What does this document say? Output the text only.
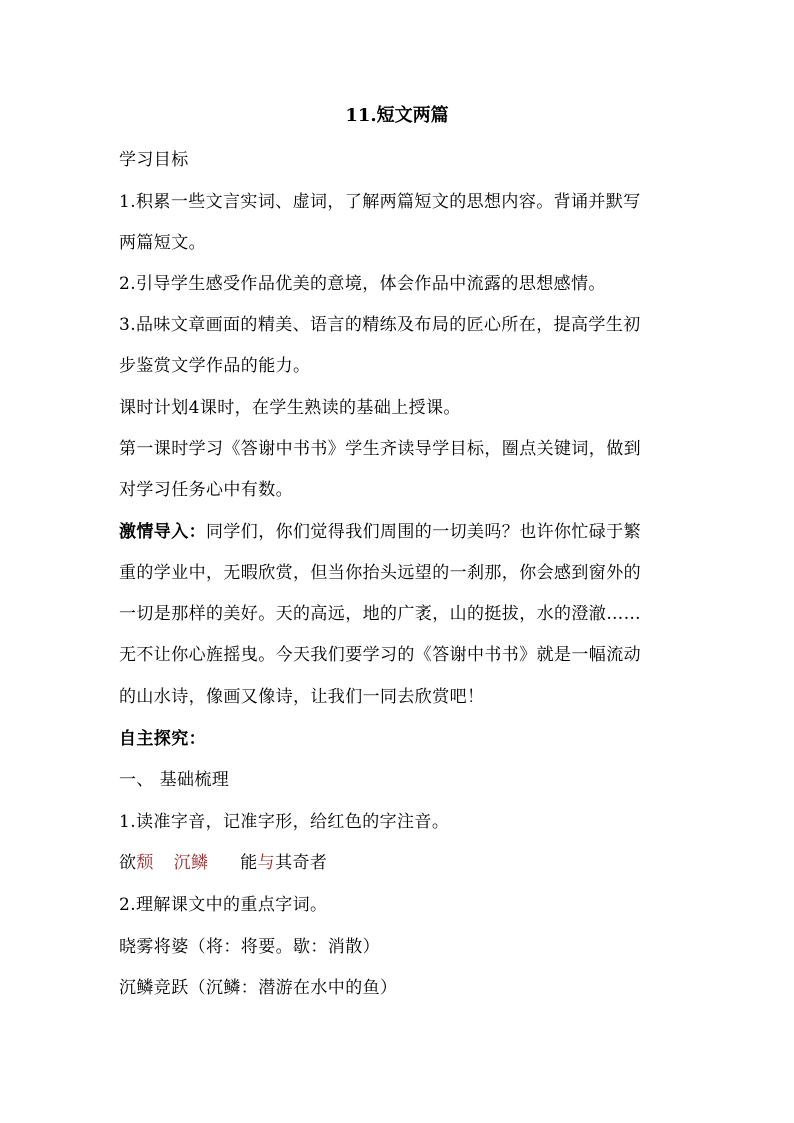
11.短文两篇
学习目标
1.积累一些文言实词、虚词，了解两篇短文的思想内容。背诵并默写
两篇短文。
2.引导学生感受作品优美的意境，体会作品中流露的思想感情。
3.品味文章画面的精美、语言的精练及布局的匠心所在，提高学生初
步鉴赏文学作品的能力。
课时计划4课时，在学生熟读的基础上授课。
第一课时学习《答谢中书书》学生齐读导学目标，圈点关键词，做到
对学习任务心中有数。
激情导入：同学们，你们觉得我们周围的一切美吗？也许你忙碌于繁
重的学业中，无暇欣赏，但当你抬头远望的一刹那，你会感到窗外的
一切是那样的美好。天的高远，地的广袤，山的挺拔，水的澄澈……
无不让你心旌摇曳。今天我们要学习的《答谢中书书》就是一幅流动
的山水诗，像画又像诗，让我们一同去欣赏吧！
自主探究：
一、 基础梳理
1.读准字音，记准字形，给红色的字注音。
欲颓 沉鳞 能与其奇者
2.理解课文中的重点字词。
晓雾将婆（将：将要。歇：消散）
沉鳞竞跃（沉鳞：潜游在水中的鱼）
